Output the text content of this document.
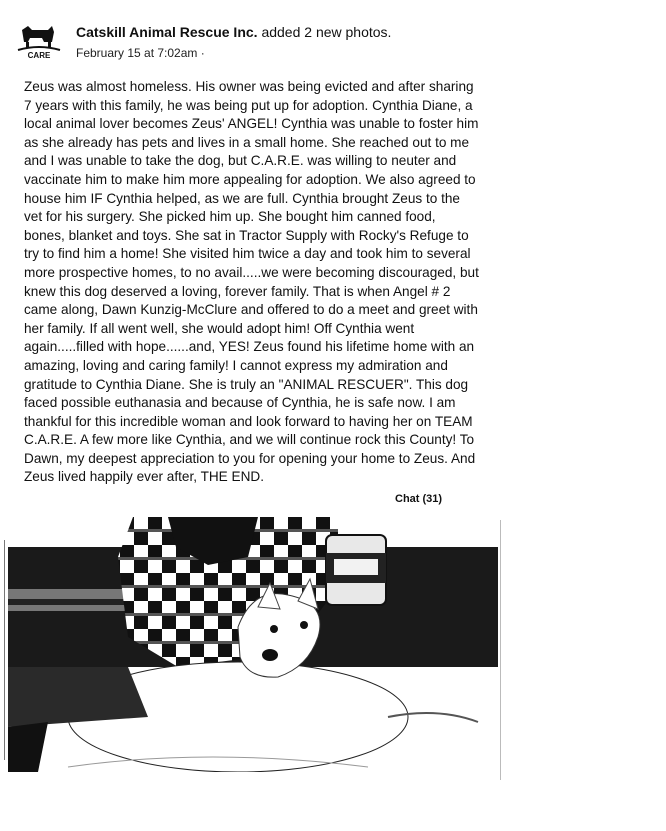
CARE
Catskill Animal Rescue Inc. added 2 new photos.
February 15 at 7:02am ·
Zeus was almost homeless. His owner was being evicted and after sharing
7 years with this family, he was being put up for adoption. Cynthia Diane, a
local animal lover becomes Zeus' ANGEL! Cynthia was unable to foster him
as she already has pets and lives in a small home. She reached out to me
and I was unable to take the dog, but C.A.R.E. was willing to neuter and
vaccinate him to make him more appealing for adoption. We also agreed to
house him IF Cynthia helped, as we are full. Cynthia brought Zeus to the
vet for his surgery. She picked him up. She bought him canned food,
bones, blanket and toys. She sat in Tractor Supply with Rocky's Refuge to
try to find him a home! She visited him twice a day and took him to several
more prospective homes, to no avail.....we were becoming discouraged, but
knew this dog deserved a loving, forever family. That is when Angel # 2
came along, Dawn Kunzig-McClure and offered to do a meet and greet with
her family. If all went well, she would adopt him! Off Cynthia went
again.....filled with hope......and, YES! Zeus found his lifetime home with an
amazing, loving and caring family! I cannot express my admiration and
gratitude to Cynthia Diane. She is truly an "ANIMAL RESCUER". This dog
faced possible euthanasia and because of Cynthia, he is safe now. I am
thankful for this incredible woman and look forward to having her on TEAM
C.A.R.E. A few more like Cynthia, and we will continue rock this County! To
Dawn, my deepest appreciation to you for opening your home to Zeus. And
Zeus lived happily ever after, THE END.
Chat (31)
